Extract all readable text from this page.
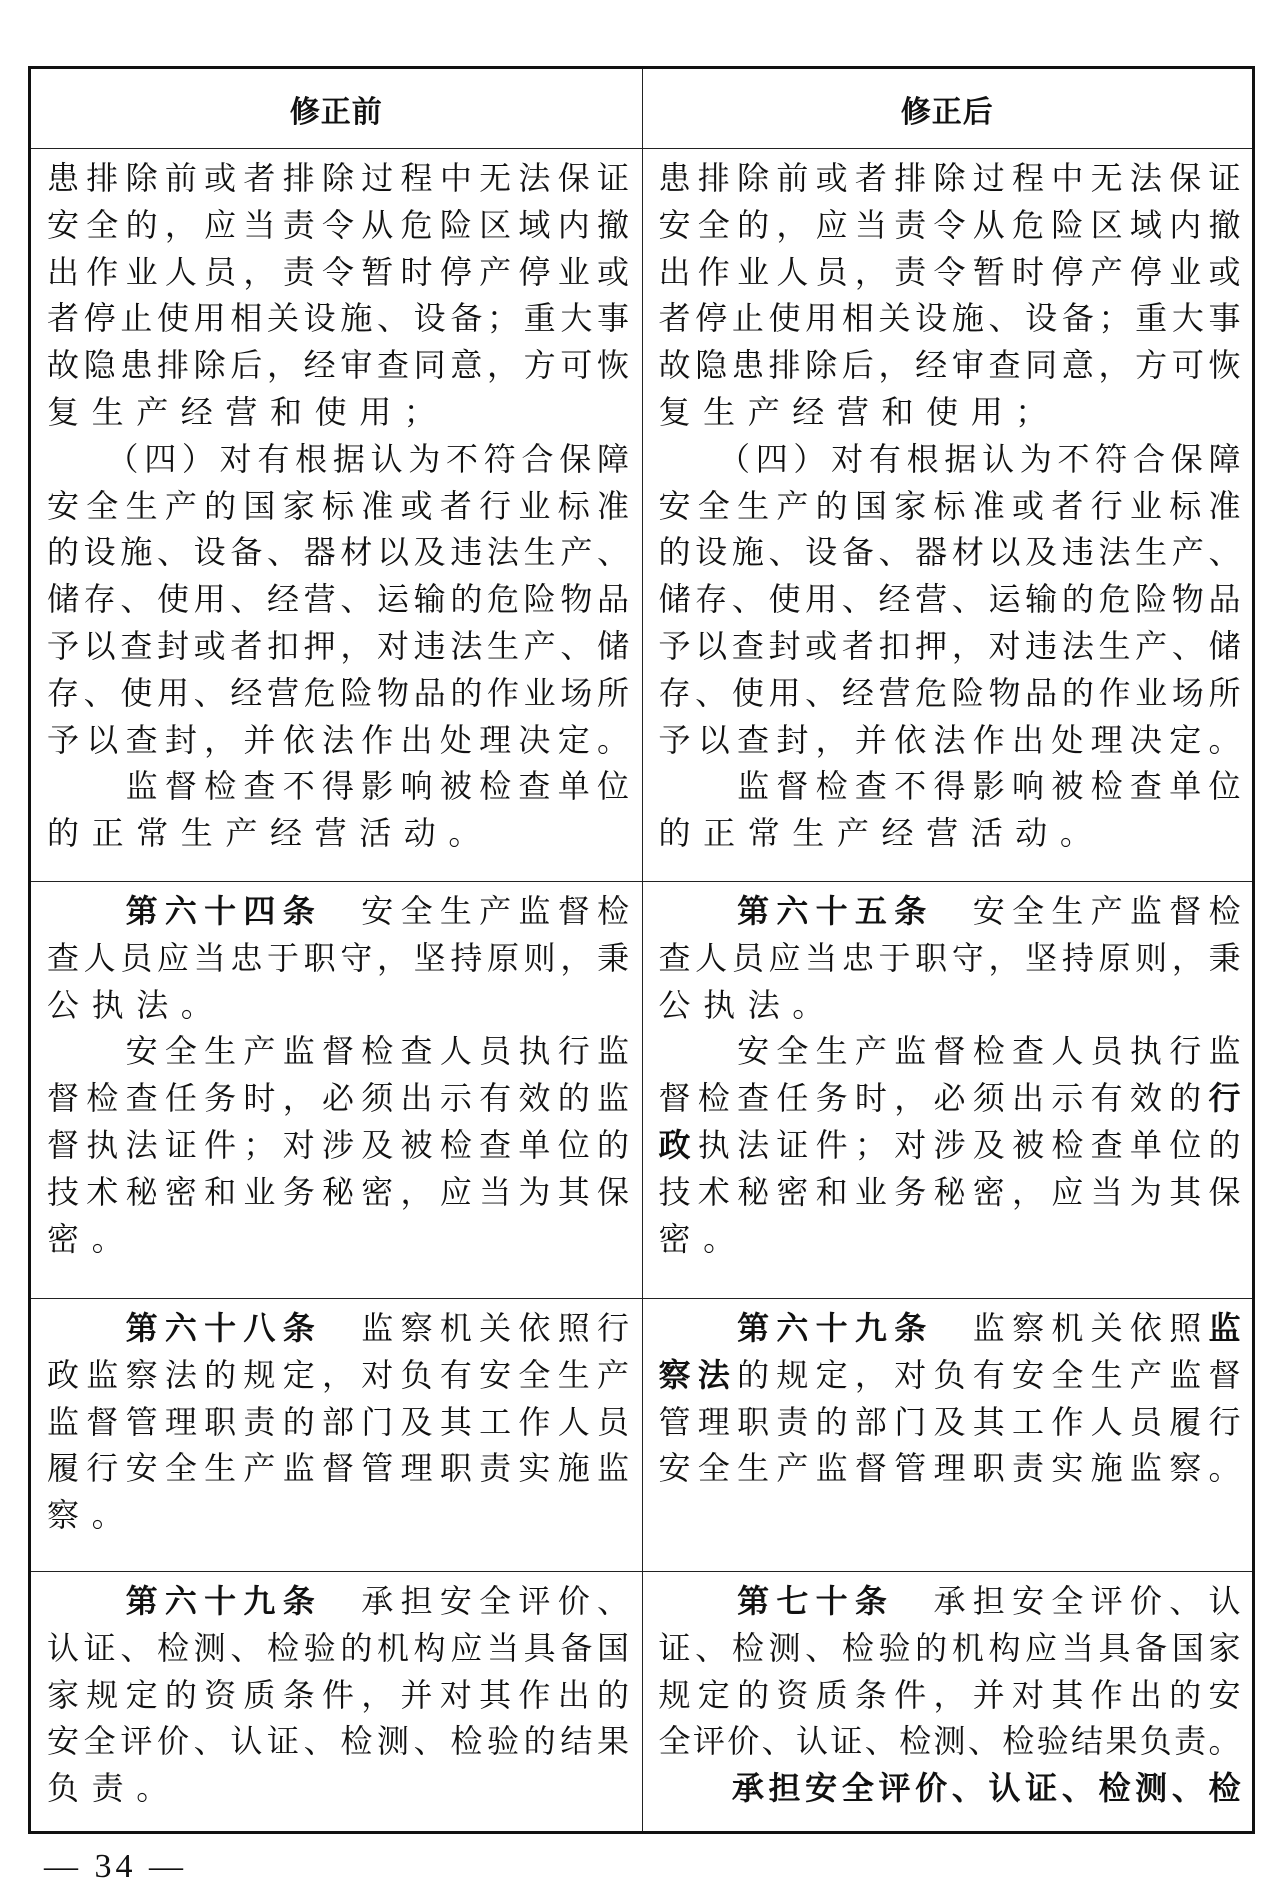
修正前	修正后
患排除前或者排除过程中无法保证
安全的，应当责令从危险区域内撤
出作业人员，责令暂时停产停业或
者停止使用相关设施、设备；重大事
故隐患排除后，经审查同意，方可恢
复生产经营和使用；
　　（四）对有根据认为不符合保障
安全生产的国家标准或者行业标准
的设施、设备、器材以及违法生产、
储存、使用、经营、运输的危险物品
予以查封或者扣押，对违法生产、储
存、使用、经营危险物品的作业场所
予以查封，并依法作出处理决定。
　　监督检查不得影响被检查单位
的正常生产经营活动。
患排除前或者排除过程中无法保证
安全的，应当责令从危险区域内撤
出作业人员，责令暂时停产停业或
者停止使用相关设施、设备；重大事
故隐患排除后，经审查同意，方可恢
复生产经营和使用；
　　（四）对有根据认为不符合保障
安全生产的国家标准或者行业标准
的设施、设备、器材以及违法生产、
储存、使用、经营、运输的危险物品
予以查封或者扣押，对违法生产、储
存、使用、经营危险物品的作业场所
予以查封，并依法作出处理决定。
　　监督检查不得影响被检查单位
的正常生产经营活动。
　　第六十四条　安全生产监督检
查人员应当忠于职守，坚持原则，秉
公执法。
　　安全生产监督检查人员执行监
督检查任务时，必须出示有效的监
督执法证件；对涉及被检查单位的
技术秘密和业务秘密，应当为其保
密。
　　第六十五条　安全生产监督检
查人员应当忠于职守，坚持原则，秉
公执法。
　　安全生产监督检查人员执行监
督检查任务时，必须出示有效的行
政执法证件；对涉及被检查单位的
技术秘密和业务秘密，应当为其保
密。
　　第六十八条　监察机关依照行
政监察法的规定，对负有安全生产
监督管理职责的部门及其工作人员
履行安全生产监督管理职责实施监
察。
　　第六十九条　监察机关依照监
察法的规定，对负有安全生产监督
管理职责的部门及其工作人员履行
安全生产监督管理职责实施监察。
　　第六十九条　承担安全评价、
认证、检测、检验的机构应当具备国
家规定的资质条件，并对其作出的
安全评价、认证、检测、检验的结果
负责。
　　第七十条　承担安全评价、认
证、检测、检验的机构应当具备国家
规定的资质条件，并对其作出的安
全评价、认证、检测、检验结果负责。
　　承担安全评价、认证、检测、检
— 34 —
